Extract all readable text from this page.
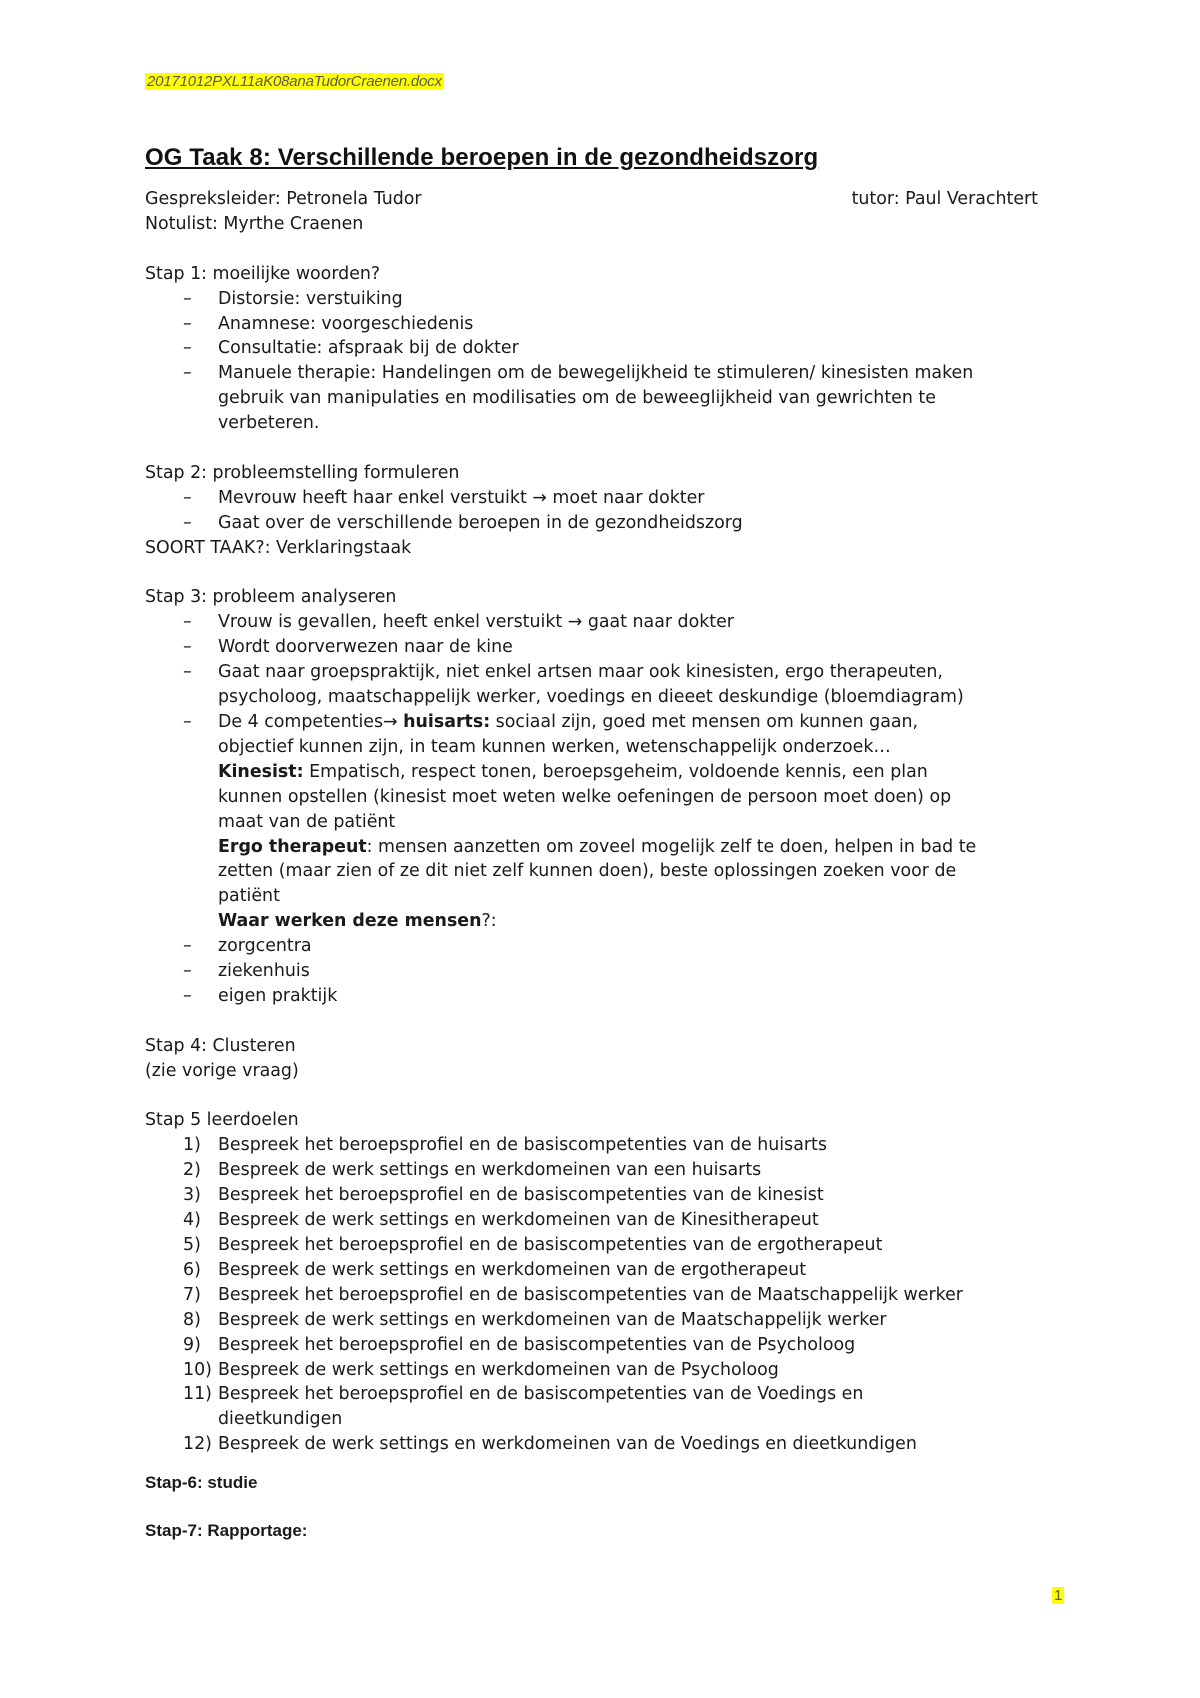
20171012PXL11aK08anaTudorCraenen.docx
OG Taak 8: Verschillende beroepen in de gezondheidszorg
Gespreksleider: Petronela Tudor	tutor: Paul Verachtert
Notulist: Myrthe Craenen
Stap 1: moeilijke woorden?
– Distorsie: verstuiking
– Anamnese: voorgeschiedenis
– Consultatie: afspraak bij de dokter
– Manuele therapie: Handelingen om de bewegelijkheid te stimuleren/ kinesisten maken
gebruik van manipulaties en modilisaties om de beweeglijkheid van gewrichten te
verbeteren.
Stap 2: probleemstelling formuleren
– Mevrouw heeft haar enkel verstuikt → moet naar dokter
– Gaat over de verschillende beroepen in de gezondheidszorg
SOORT TAAK?: Verklaringstaak
Stap 3: probleem analyseren
– Vrouw is gevallen, heeft enkel verstuikt → gaat naar dokter
– Wordt doorverwezen naar de kine
– Gaat naar groepspraktijk, niet enkel artsen maar ook kinesisten, ergo therapeuten,
psycholoog, maatschappelijk werker, voedings en dieeet deskundige (bloemdiagram)
– De 4 competenties→ huisarts: sociaal zijn, goed met mensen om kunnen gaan,
objectief kunnen zijn, in team kunnen werken, wetenschappelijk onderzoek…
Kinesist: Empatisch, respect tonen, beroepsgeheim, voldoende kennis, een plan
kunnen opstellen (kinesist moet weten welke oefeningen de persoon moet doen) op
maat van de patiënt
Ergo therapeut: mensen aanzetten om zoveel mogelijk zelf te doen, helpen in bad te
zetten (maar zien of ze dit niet zelf kunnen doen), beste oplossingen zoeken voor de
patiënt
Waar werken deze mensen?:
– zorgcentra
– ziekenhuis
– eigen praktijk
Stap 4: Clusteren
(zie vorige vraag)
Stap 5 leerdoelen
1) Bespreek het beroepsprofiel en de basiscompetenties van de huisarts
2) Bespreek de werk settings en werkdomeinen van een huisarts
3) Bespreek het beroepsprofiel en de basiscompetenties van de kinesist
4) Bespreek de werk settings en werkdomeinen van de Kinesitherapeut
5) Bespreek het beroepsprofiel en de basiscompetenties van de ergotherapeut
6) Bespreek de werk settings en werkdomeinen van de ergotherapeut
7) Bespreek het beroepsprofiel en de basiscompetenties van de Maatschappelijk werker
8) Bespreek de werk settings en werkdomeinen van de Maatschappelijk werker
9) Bespreek het beroepsprofiel en de basiscompetenties van de Psycholoog
10) Bespreek de werk settings en werkdomeinen van de Psycholoog
11) Bespreek het beroepsprofiel en de basiscompetenties van de Voedings en
dieetkundigen
12) Bespreek de werk settings en werkdomeinen van de Voedings en dieetkundigen
Stap-6: studie
Stap-7: Rapportage:
1
